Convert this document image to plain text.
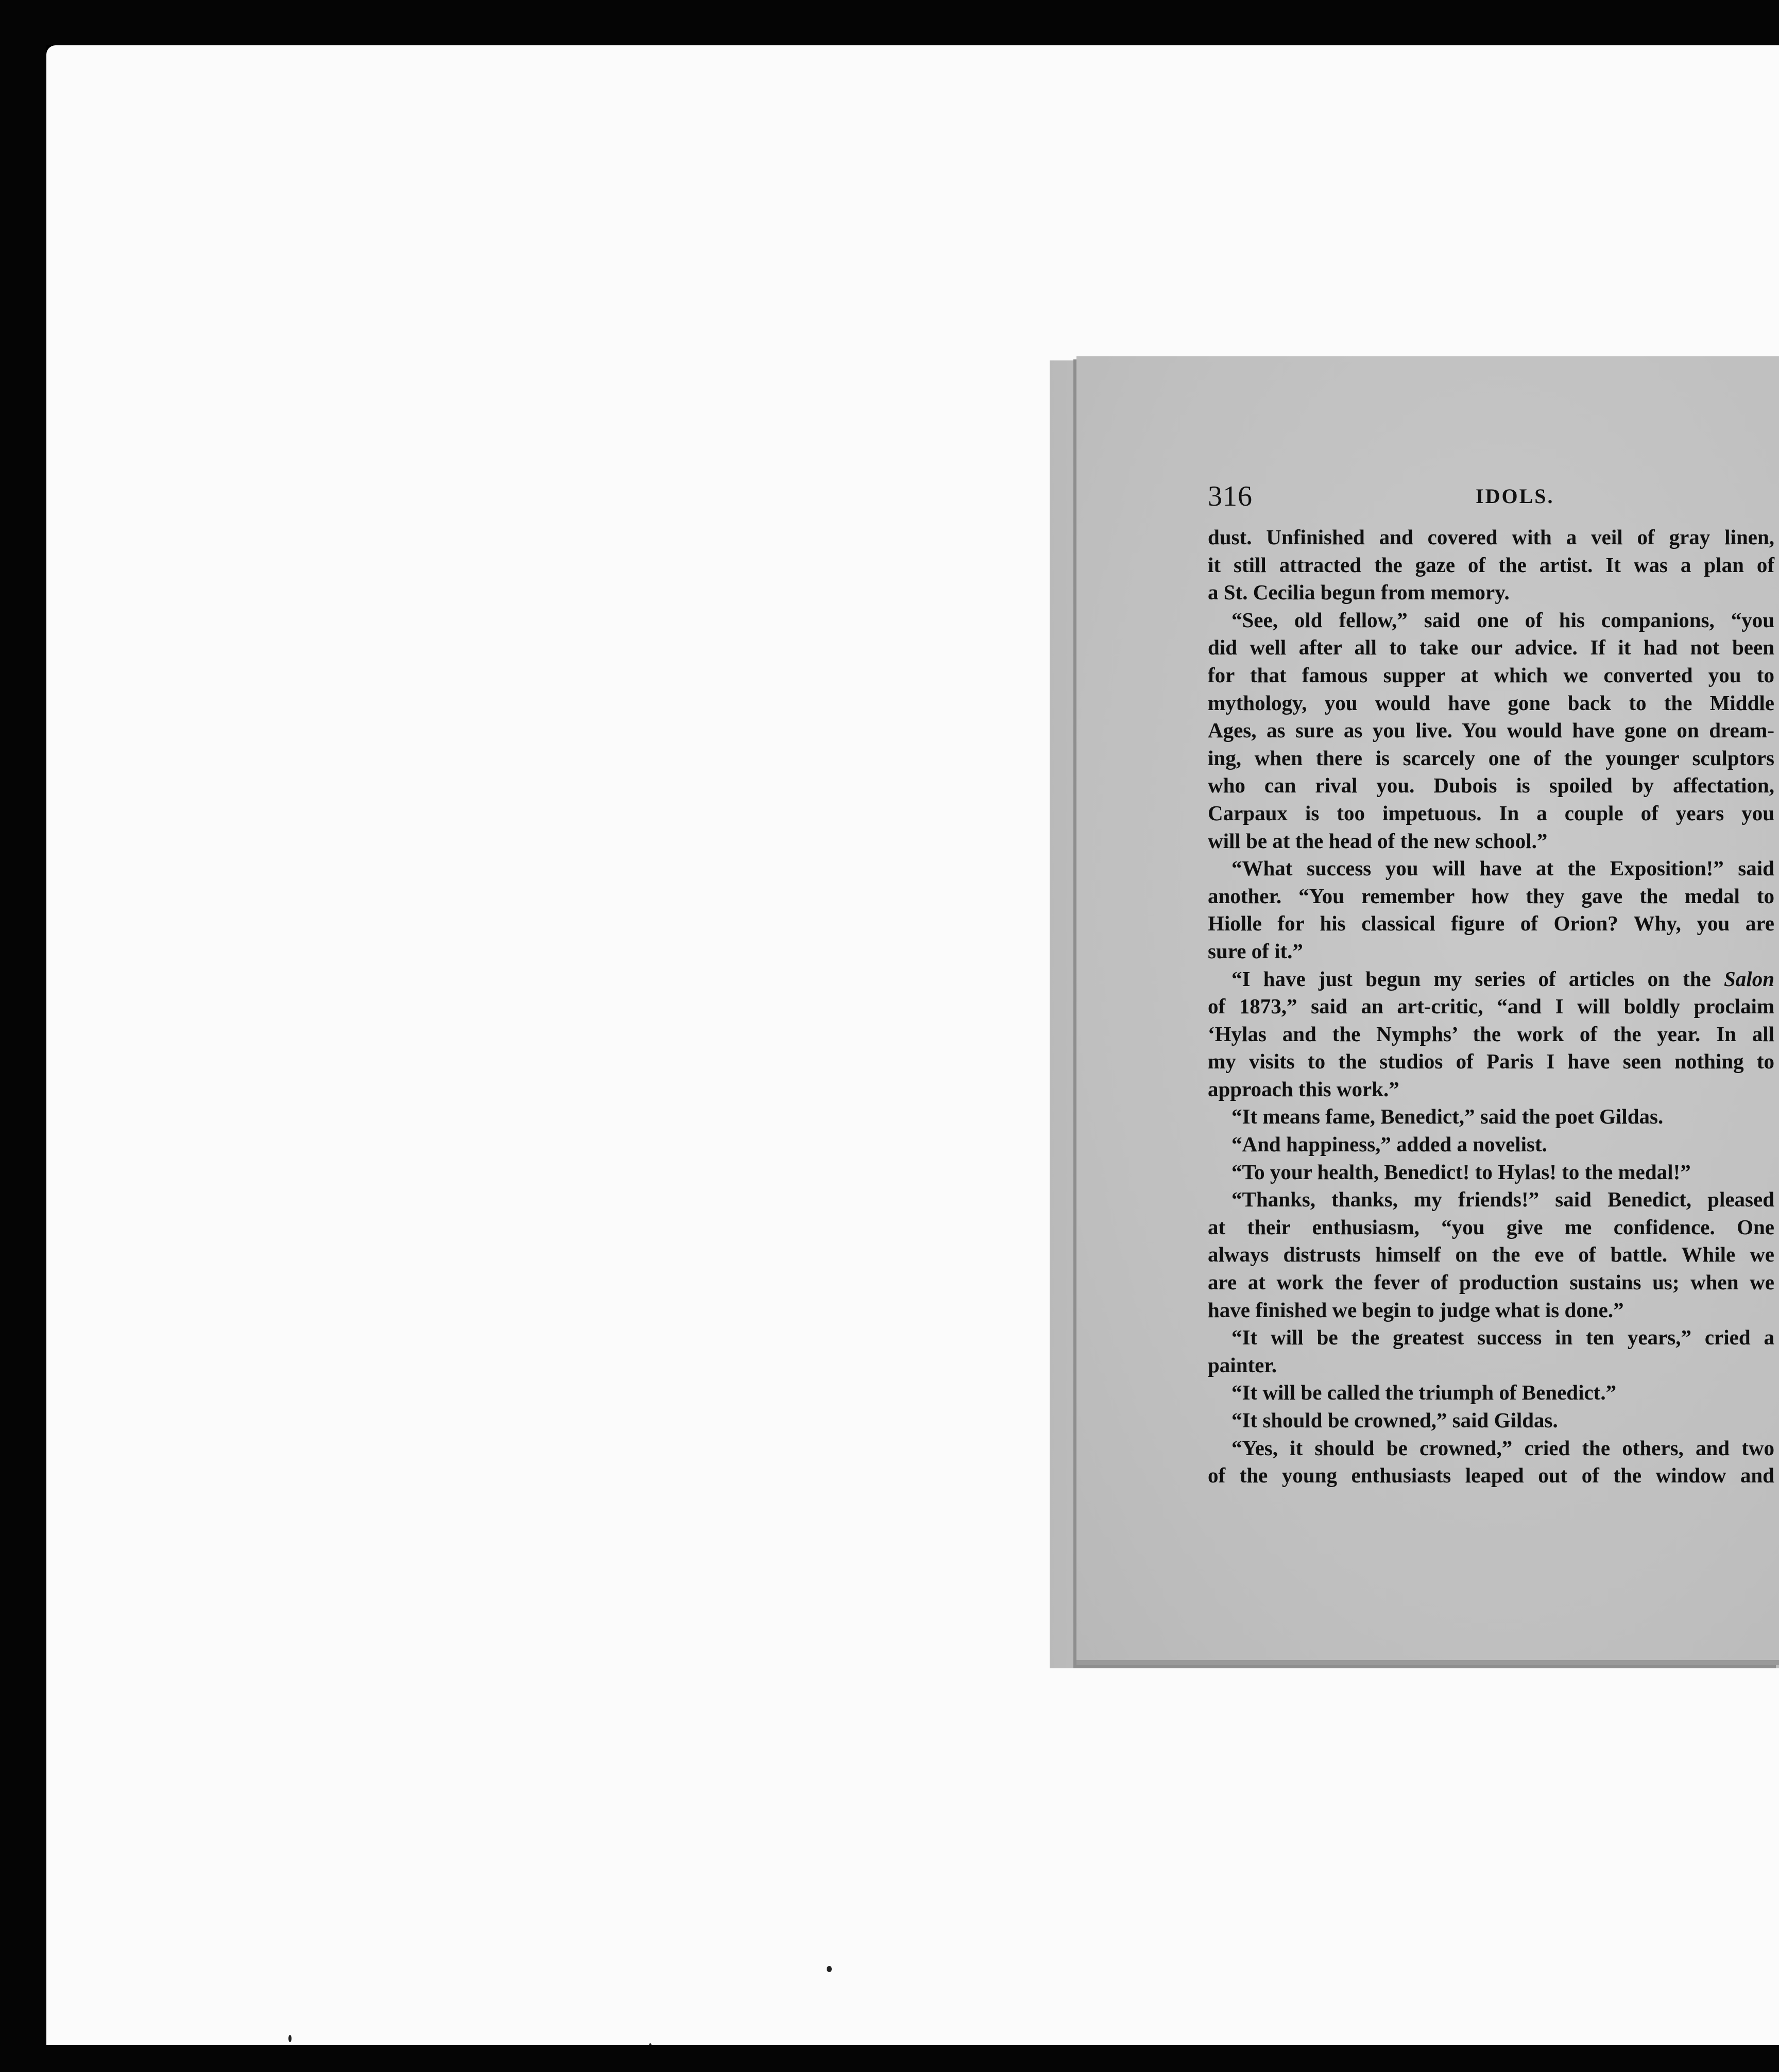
316	IDOLS.
dust. Unfinished and covered with a veil of gray linen,
it still attracted the gaze of the artist. It was a plan of
a St. Cecilia begun from memory.
“See, old fellow,” said one of his companions, “you
did well after all to take our advice. If it had not been
for that famous supper at which we converted you to
mythology, you would have gone back to the Middle
Ages, as sure as you live. You would have gone on dream-
ing, when there is scarcely one of the younger sculptors
who can rival you. Dubois is spoiled by affectation,
Carpaux is too impetuous. In a couple of years you
will be at the head of the new school.”
“What success you will have at the Exposition!” said
another. “You remember how they gave the medal to
Hiolle for his classical figure of Orion? Why, you are
sure of it.”
“I have just begun my series of articles on the Salon
of 1873,” said an art-critic, “and I will boldly proclaim
‘Hylas and the Nymphs’ the work of the year. In all
my visits to the studios of Paris I have seen nothing to
approach this work.”
“It means fame, Benedict,” said the poet Gildas.
“And happiness,” added a novelist.
“To your health, Benedict! to Hylas! to the medal!”
“Thanks, thanks, my friends!” said Benedict, pleased
at their enthusiasm, “you give me confidence. One
always distrusts himself on the eve of battle. While we
are at work the fever of production sustains us; when we
have finished we begin to judge what is done.”
“It will be the greatest success in ten years,” cried a
painter.
“It will be called the triumph of Benedict.”
“It should be crowned,” said Gildas.
“Yes, it should be crowned,” cried the others, and two
of the young enthusiasts leaped out of the window and
